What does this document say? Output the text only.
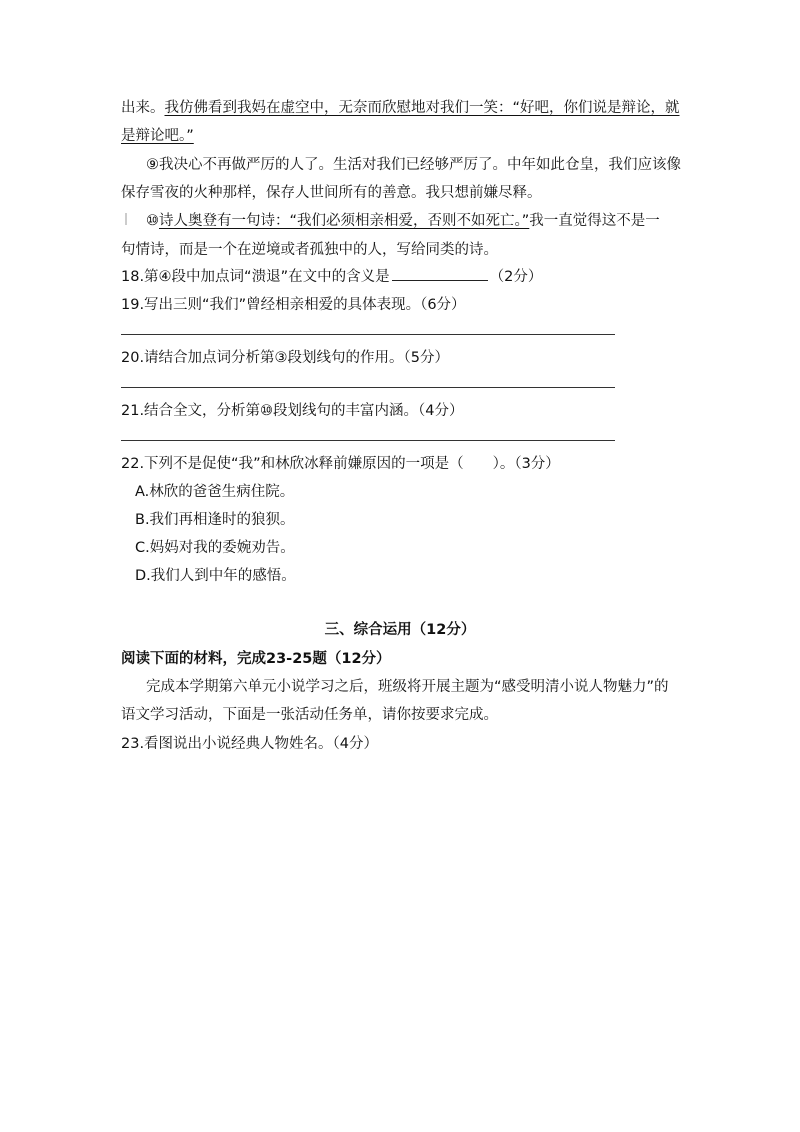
出来。我仿佛看到我妈在虚空中，无奈而欣慰地对我们一笑：“好吧，你们说是辩论，就
是辩论吧。”
⑨我决心不再做严厉的人了。生活对我们已经够严厉了。中年如此仓皇，我们应该像
保存雪夜的火种那样，保存人世间所有的善意。我只想前嫌尽释。
⑩诗人奥登有一句诗：“我们必须相亲相爱，否则不如死亡。”我一直觉得这不是一
句情诗，而是一个在逆境或者孤独中的人，写给同类的诗。
18.第④段中加点词“溃退”在文中的含义是	（2分）
19.写出三则“我们”曾经相亲相爱的具体表现。（6分）
20.请结合加点词分析第③段划线句的作用。（5分）
21.结合全文，分析第⑩段划线句的丰富内涵。（4分）
22.下列不是促使“我”和林欣冰释前嫌原因的一项是（　　）。（3分）
A.林欣的爸爸生病住院。
B.我们再相逢时的狼狈。
C.妈妈对我的委婉劝告。
D.我们人到中年的感悟。
三、综合运用（12分）
阅读下面的材料，完成23-25题（12分）
完成本学期第六单元小说学习之后，班级将开展主题为“感受明清小说人物魅力”的
语文学习活动，下面是一张活动任务单，请你按要求完成。
23.看图说出小说经典人物姓名。（4分）
